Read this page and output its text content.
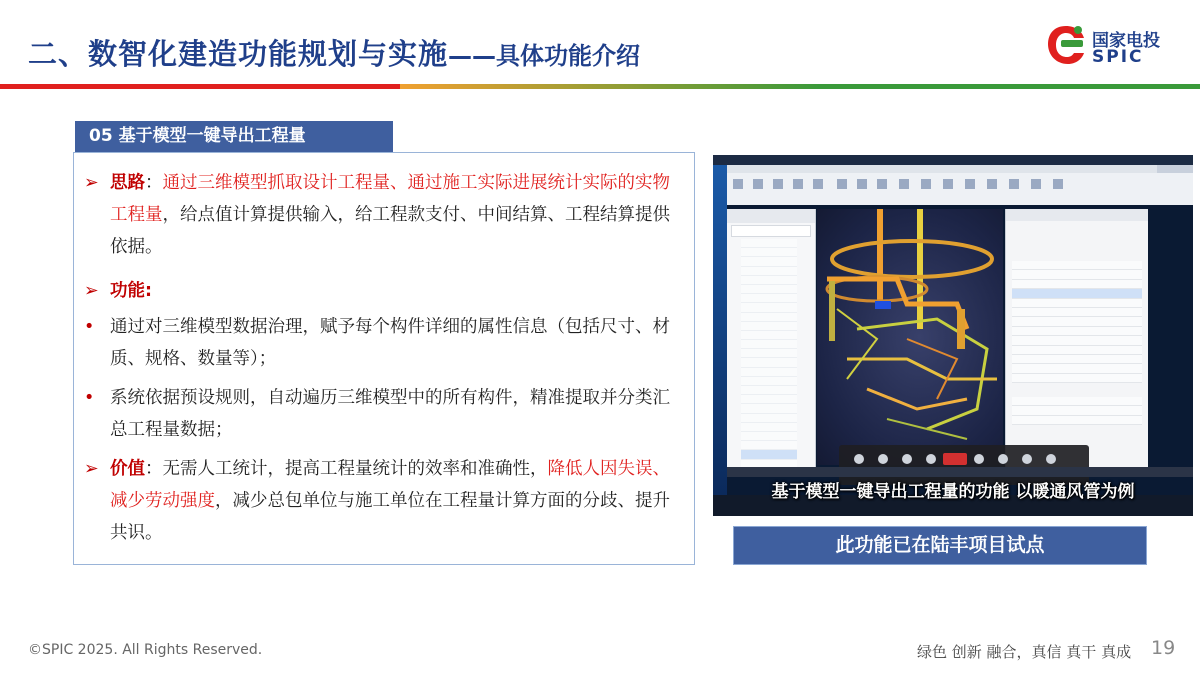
二、数智化建造功能规划与实施——具体功能介绍
国家电投
SPIC
05 基于模型一键导出工程量
➢ 思路：通过三维模型抓取设计工程量、通过施工实际进展统计实际的实物工程量，给点值计算提供输入，给工程款支付、中间结算、工程结算提供依据。
➢ 功能:
• 通过对三维模型数据治理，赋予每个构件详细的属性信息（包括尺寸、材质、规格、数量等）；
• 系统依据预设规则，自动遍历三维模型中的所有构件，精准提取并分类汇总工程量数据；
➢ 价值：无需人工统计，提高工程量统计的效率和准确性，降低人因失误、减少劳动强度，减少总包单位与施工单位在工程量计算方面的分歧、提升共识。
基于模型一键导出工程量的功能 以暖通风管为例
此功能已在陆丰项目试点
©SPIC 2025. All Rights Reserved.	绿色 创新 融合，真信 真干 真成 19
